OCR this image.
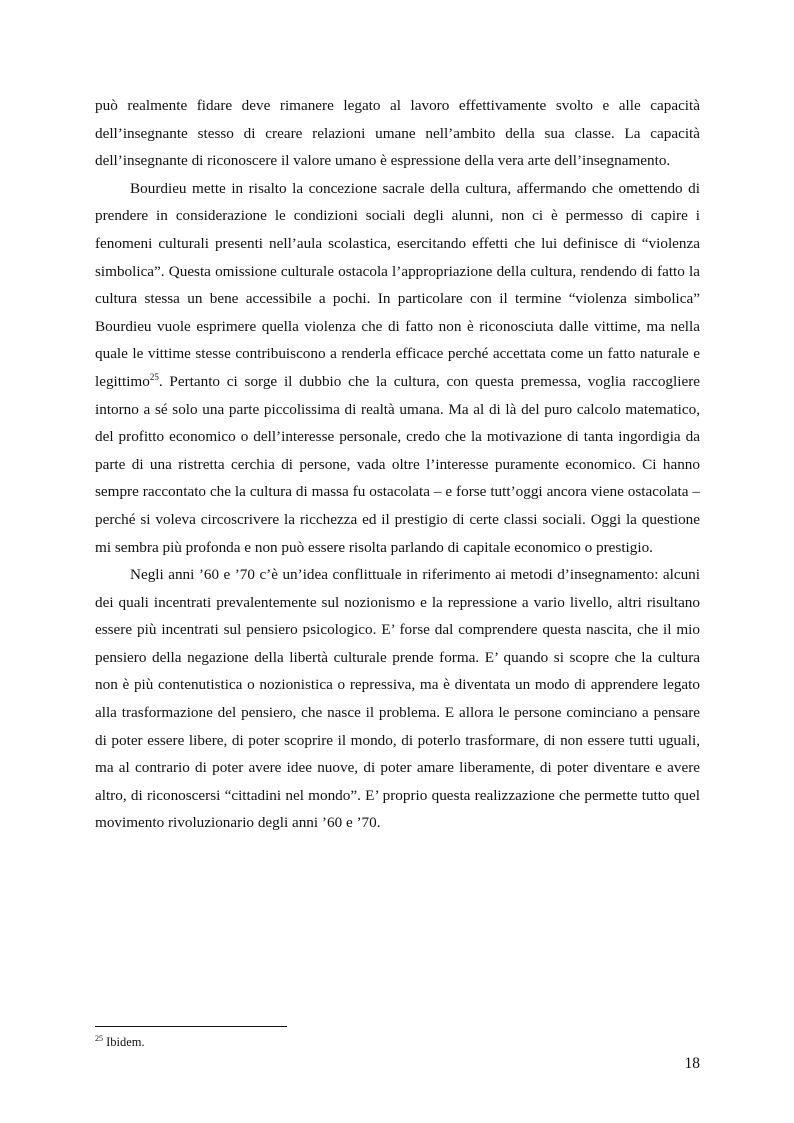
può realmente fidare deve rimanere legato al lavoro effettivamente svolto e alle capacità dell’insegnante stesso di creare relazioni umane nell’ambito della sua classe. La capacità dell’insegnante di riconoscere il valore umano è espressione della vera arte dell’insegnamento.

Bourdieu mette in risalto la concezione sacrale della cultura, affermando che omettendo di prendere in considerazione le condizioni sociali degli alunni, non ci è permesso di capire i fenomeni culturali presenti nell’aula scolastica, esercitando effetti che lui definisce di “violenza simbolica”. Questa omissione culturale ostacola l’appropriazione della cultura, rendendo di fatto la cultura stessa un bene accessibile a pochi. In particolare con il termine “violenza simbolica” Bourdieu vuole esprimere quella violenza che di fatto non è riconosciuta dalle vittime, ma nella quale le vittime stesse contribuiscono a renderla efficace perché accettata come un fatto naturale e legittimo$^{25}$. Pertanto ci sorge il dubbio che la cultura, con questa premessa, voglia raccogliere intorno a sé solo una parte piccolissima di realtà umana. Ma al di là del puro calcolo matematico, del profitto economico o dell’interesse personale, credo che la motivazione di tanta ingordigia da parte di una ristretta cerchia di persone, vada oltre l’interesse puramente economico. Ci hanno sempre raccontato che la cultura di massa fu ostacolata – e forse tutt’oggi ancora viene ostacolata – perché si voleva circoscrivere la ricchezza ed il prestigio di certe classi sociali. Oggi la questione mi sembra più profonda e non può essere risolta parlando di capitale economico o prestigio.

Negli anni ’60 e ’70 c’è un’idea conflittuale in riferimento ai metodi d’insegnamento: alcuni dei quali incentrati prevalentemente sul nozionismo e la repressione a vario livello, altri risultano essere più incentrati sul pensiero psicologico. E’ forse dal comprendere questa nascita, che il mio pensiero della negazione della libertà culturale prende forma. E’ quando si scopre che la cultura non è più contenutistica o nozionistica o repressiva, ma è diventata un modo di apprendere legato alla trasformazione del pensiero, che nasce il problema. E allora le persone cominciano a pensare di poter essere libere, di poter scoprire il mondo, di poterlo trasformare, di non essere tutti uguali, ma al contrario di poter avere idee nuove, di poter amare liberamente, di poter diventare e avere altro, di riconoscersi “cittadini nel mondo”. E’ proprio questa realizzazione che permette tutto quel movimento rivoluzionario degli anni ’60 e ’70.

$^{25}$ Ibidem.
18
